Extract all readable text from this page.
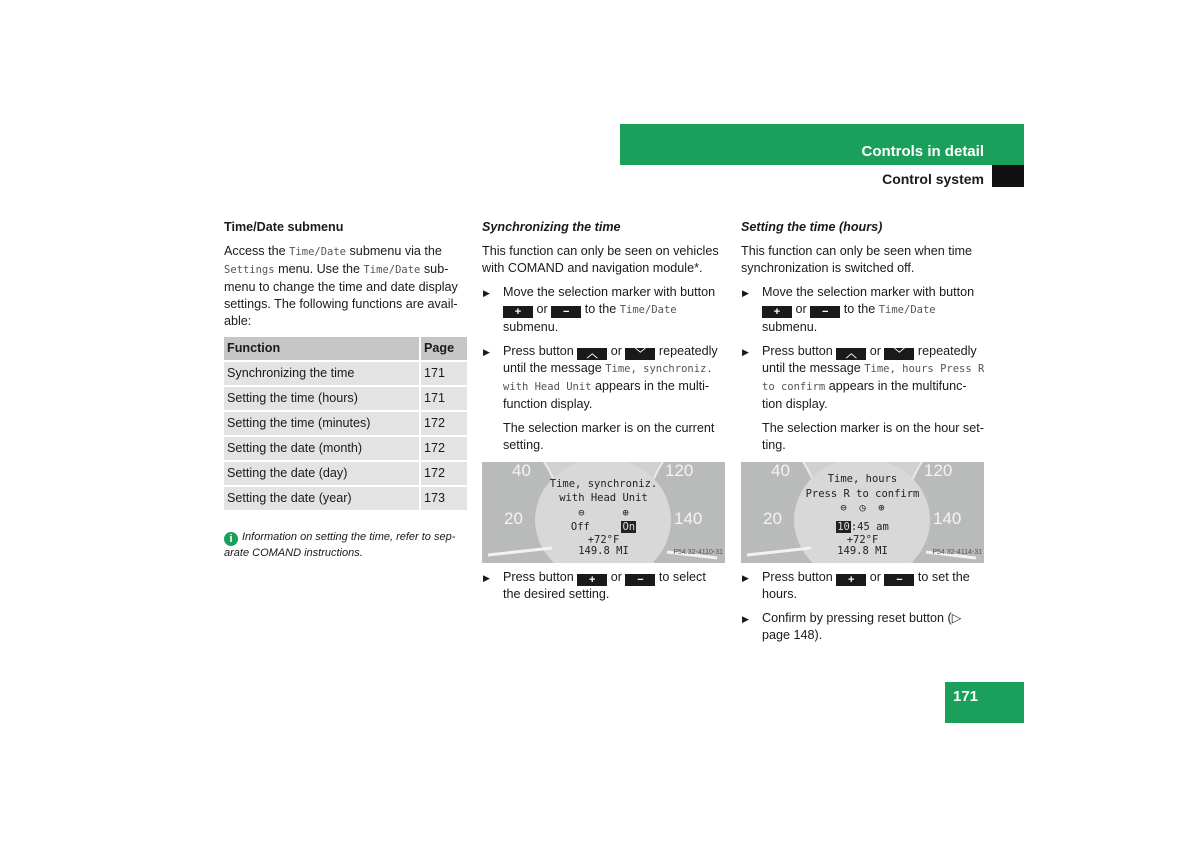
Controls in detail
Control system
Time/Date submenu

Access the Time/Date submenu via the Settings menu. Use the Time/Date sub-menu to change the time and date display settings. The following functions are avail-able:

Function	Page
Synchronizing the time	171
Setting the time (hours)	171
Setting the time (minutes)	172
Setting the date (month)	172
Setting the date (day)	172
Setting the date (year)	173
i Information on setting the time, refer to sep-arate COMAND instructions.
Synchronizing the time

This function can only be seen on vehicles with COMAND and navigation module*.

▶ Move the selection marker with button + or − to the Time/Date submenu.
▶ Press button ︿ or ﹀ repeatedly until the message Time, synchroniz. with Head Unit appears in the multi-function display.

The selection marker is on the current setting.

40
20
120
140
Time, synchroniz.
with Head Unit
⊖      ⊕
Off	On
+72°F
149.8 MI	P54.32-4110-31
▶ Press button + or − to select the desired setting.
Setting the time (hours)

This function can only be seen when time synchronization is switched off.

▶ Move the selection marker with button + or − to the Time/Date submenu.
▶ Press button ︿ or ﹀ repeatedly until the message Time, hours Press R to confirm appears in the multifunc-tion display.

The selection marker is on the hour set-ting.

40
20
120
140
Time, hours
Press R to confirm
⊖  ◷  ⊕
10:45 am
+72°F
149.8 MI	P54.32-4114-31
▶ Press button + or − to set the hours.
▶ Confirm by pressing reset button (▷ page 148).
171
